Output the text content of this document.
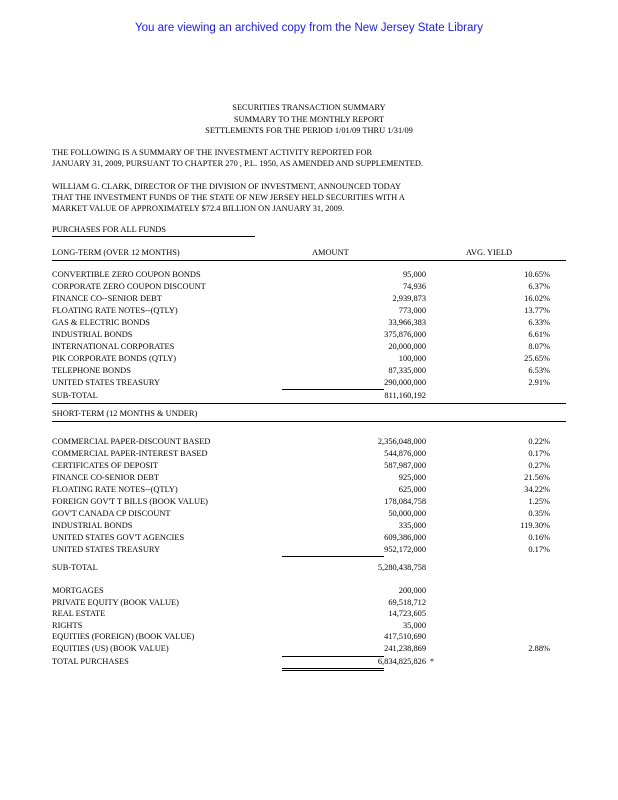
You are viewing an archived copy from the New Jersey State Library
SECURITIES TRANSACTION SUMMARY
SUMMARY TO THE MONTHLY REPORT
SETTLEMENTS FOR THE PERIOD 1/01/09 THRU 1/31/09
THE FOLLOWING IS A SUMMARY OF THE INVESTMENT ACTIVITY REPORTED FOR
JANUARY 31, 2009, PURSUANT TO CHAPTER 270 , P.L. 1950, AS AMENDED AND SUPPLEMENTED.
WILLIAM G. CLARK, DIRECTOR OF THE DIVISION OF INVESTMENT, ANNOUNCED TODAY
THAT THE INVESTMENT FUNDS OF THE STATE OF NEW JERSEY HELD SECURITIES WITH A
MARKET VALUE OF APPROXIMATELY $72.4 BILLION ON JANUARY 31, 2009.
PURCHASES FOR ALL FUNDS
LONG-TERM (OVER 12 MONTHS)	AMOUNT	AVG. YIELD
CONVERTIBLE ZERO COUPON BONDS	95,000	10.65%
CORPORATE ZERO COUPON DISCOUNT	74,936	6.37%
FINANCE CO--SENIOR DEBT	2,939,873	16.02%
FLOATING RATE NOTES--(QTLY)	773,000	13.77%
GAS & ELECTRIC BONDS	33,966,383	6.33%
INDUSTRIAL BONDS	375,876,000	6.61%
INTERNATIONAL CORPORATES	20,000,000	8.07%
PIK CORPORATE BONDS (QTLY)	100,000	25.65%
TELEPHONE BONDS	87,335,000	6.53%
UNITED STATES TREASURY	290,000,000	2.91%
SUB-TOTAL	811,160,192
SHORT-TERM (12 MONTHS & UNDER)
COMMERCIAL PAPER-DISCOUNT BASED	2,356,048,000	0.22%
COMMERCIAL PAPER-INTEREST BASED	544,876,000	0.17%
CERTIFICATES OF DEPOSIT	587,987,000	0.27%
FINANCE CO-SENIOR DEBT	925,000	21.56%
FLOATING RATE NOTES--(QTLY)	625,000	34.22%
FOREIGN GOV'T T BILLS (BOOK VALUE)	178,084,758	1.25%
GOV'T CANADA CP DISCOUNT	50,000,000	0.35%
INDUSTRIAL BONDS	335,000	119.30%
UNITED STATES GOV'T AGENCIES	609,386,000	0.16%
UNITED STATES TREASURY	952,172,000	0.17%
SUB-TOTAL	5,280,438,758
MORTGAGES	200,000
PRIVATE EQUITY (BOOK VALUE)	69,518,712
REAL ESTATE	14,723,605
RIGHTS	35,000
EQUITIES (FOREIGN) (BOOK VALUE)	417,510,690
EQUITIES (US) (BOOK VALUE)	241,238,869	2.88%
TOTAL PURCHASES	6,834,825,826 *
